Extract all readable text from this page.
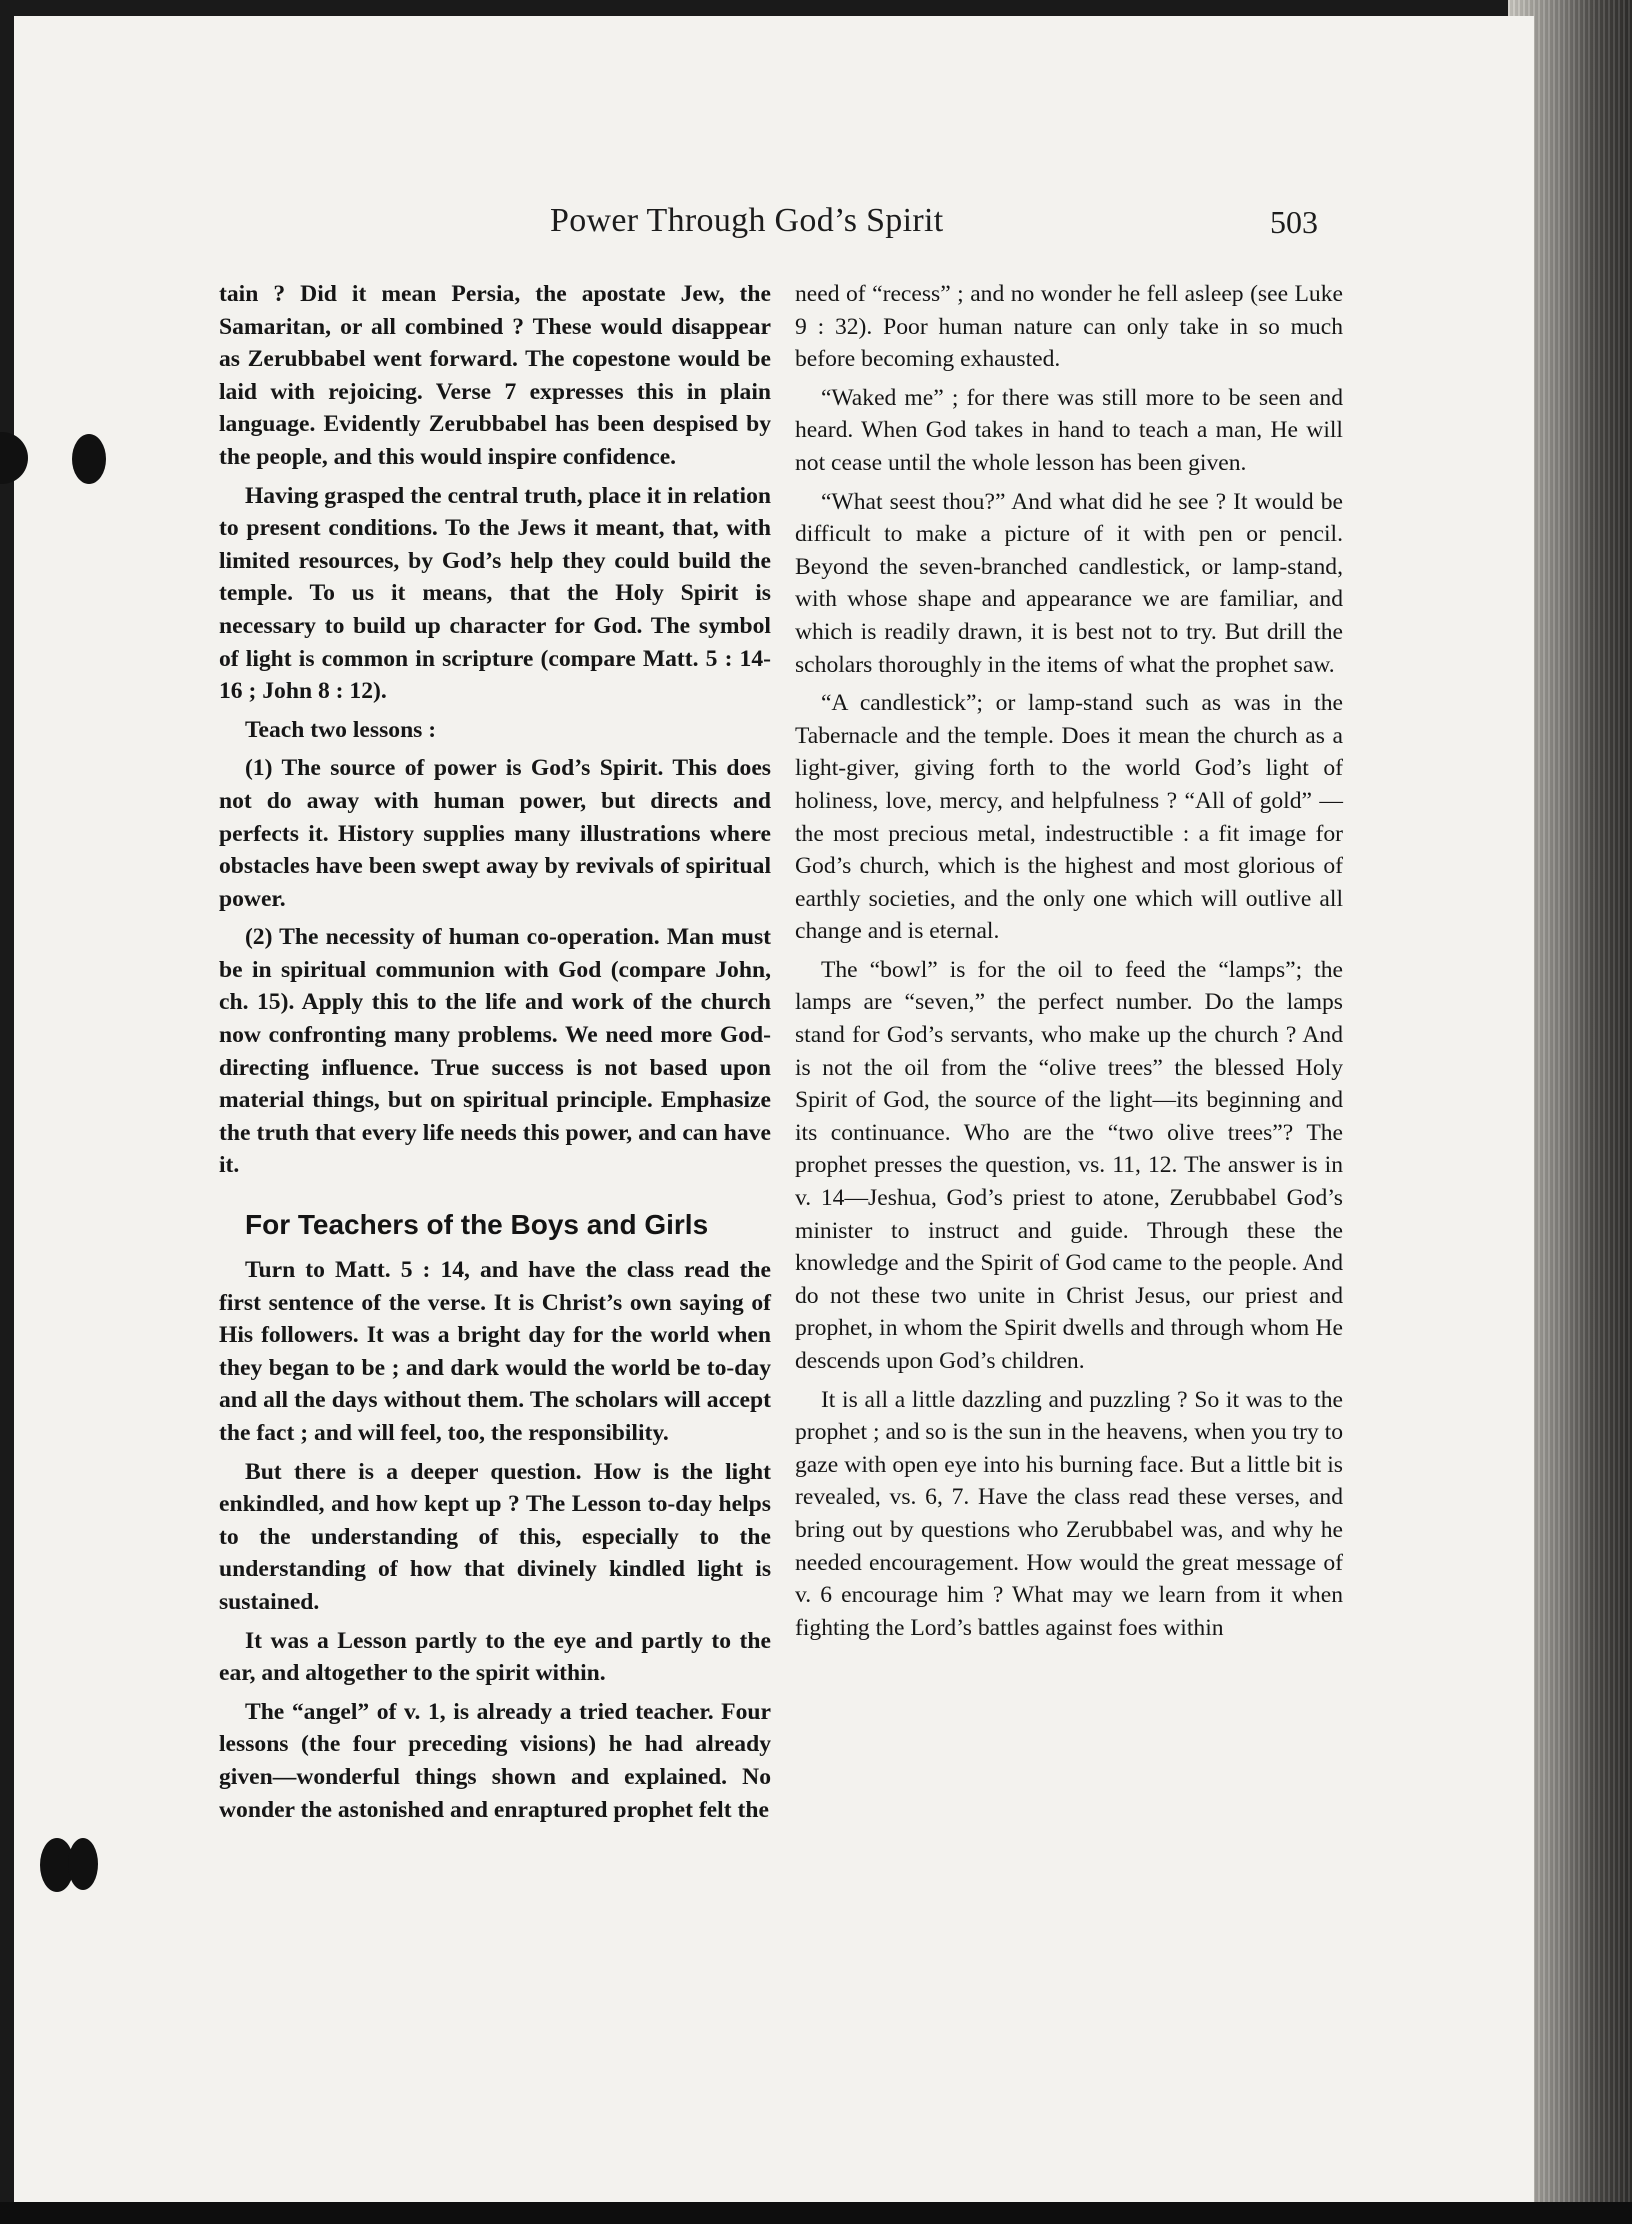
Power Through God’s Spirit	503

tain ? Did it mean Persia, the apostate Jew, the Samaritan, or all combined ? These would disappear as Zerubbabel went forward. The copestone would be laid with rejoicing. Verse 7 expresses this in plain language. Evidently Zerubbabel has been despised by the people, and this would inspire confidence.

Having grasped the central truth, place it in relation to present conditions. To the Jews it meant, that, with limited resources, by God’s help they could build the temple. To us it means, that the Holy Spirit is necessary to build up character for God. The symbol of light is common in scripture (compare Matt. 5 : 14-16 ; John 8 : 12).

Teach two lessons :

(1) The source of power is God’s Spirit. This does not do away with human power, but directs and perfects it. History supplies many illustrations where obstacles have been swept away by revivals of spiritual power.

(2) The necessity of human co-operation. Man must be in spiritual communion with God (compare John, ch. 15). Apply this to the life and work of the church now confronting many problems. We need more God-directing influence. True success is not based upon material things, but on spiritual principle. Emphasize the truth that every life needs this power, and can have it.

For Teachers of the Boys and Girls

Turn to Matt. 5 : 14, and have the class read the first sentence of the verse. It is Christ’s own saying of His followers. It was a bright day for the world when they began to be ; and dark would the world be to-day and all the days without them. The scholars will accept the fact ; and will feel, too, the responsibility.

But there is a deeper question. How is the light enkindled, and how kept up ? The Lesson to-day helps to the understanding of this, especially to the understanding of how that divinely kindled light is sustained.

It was a Lesson partly to the eye and partly to the ear, and altogether to the spirit within.

The “angel” of v. 1, is already a tried teacher. Four lessons (the four preceding visions) he had already given—wonderful things shown and explained. No wonder the astonished and enraptured prophet felt the

need of “recess” ; and no wonder he fell asleep (see Luke 9 : 32). Poor human nature can only take in so much before becoming exhausted.

“Waked me” ; for there was still more to be seen and heard. When God takes in hand to teach a man, He will not cease until the whole lesson has been given.

“What seest thou?” And what did he see ? It would be difficult to make a picture of it with pen or pencil. Beyond the seven-branched candlestick, or lamp-stand, with whose shape and appearance we are familiar, and which is readily drawn, it is best not to try. But drill the scholars thoroughly in the items of what the prophet saw.

“A candlestick”; or lamp-stand such as was in the Tabernacle and the temple. Does it mean the church as a light-giver, giving forth to the world God’s light of holiness, love, mercy, and helpfulness ? “All of gold” —the most precious metal, indestructible : a fit image for God’s church, which is the highest and most glorious of earthly societies, and the only one which will outlive all change and is eternal.

The “bowl” is for the oil to feed the “lamps”; the lamps are “seven,” the perfect number. Do the lamps stand for God’s servants, who make up the church ? And is not the oil from the “olive trees” the blessed Holy Spirit of God, the source of the light—its beginning and its continuance. Who are the “two olive trees”? The prophet presses the question, vs. 11, 12. The answer is in v. 14—Jeshua, God’s priest to atone, Zerubbabel God’s minister to instruct and guide. Through these the knowledge and the Spirit of God came to the people. And do not these two unite in Christ Jesus, our priest and prophet, in whom the Spirit dwells and through whom He descends upon God’s children.

It is all a little dazzling and puzzling ? So it was to the prophet ; and so is the sun in the heavens, when you try to gaze with open eye into his burning face. But a little bit is revealed, vs. 6, 7. Have the class read these verses, and bring out by questions who Zerubbabel was, and why he needed encouragement. How would the great message of v. 6 encourage him ? What may we learn from it when fighting the Lord’s battles against foes within
